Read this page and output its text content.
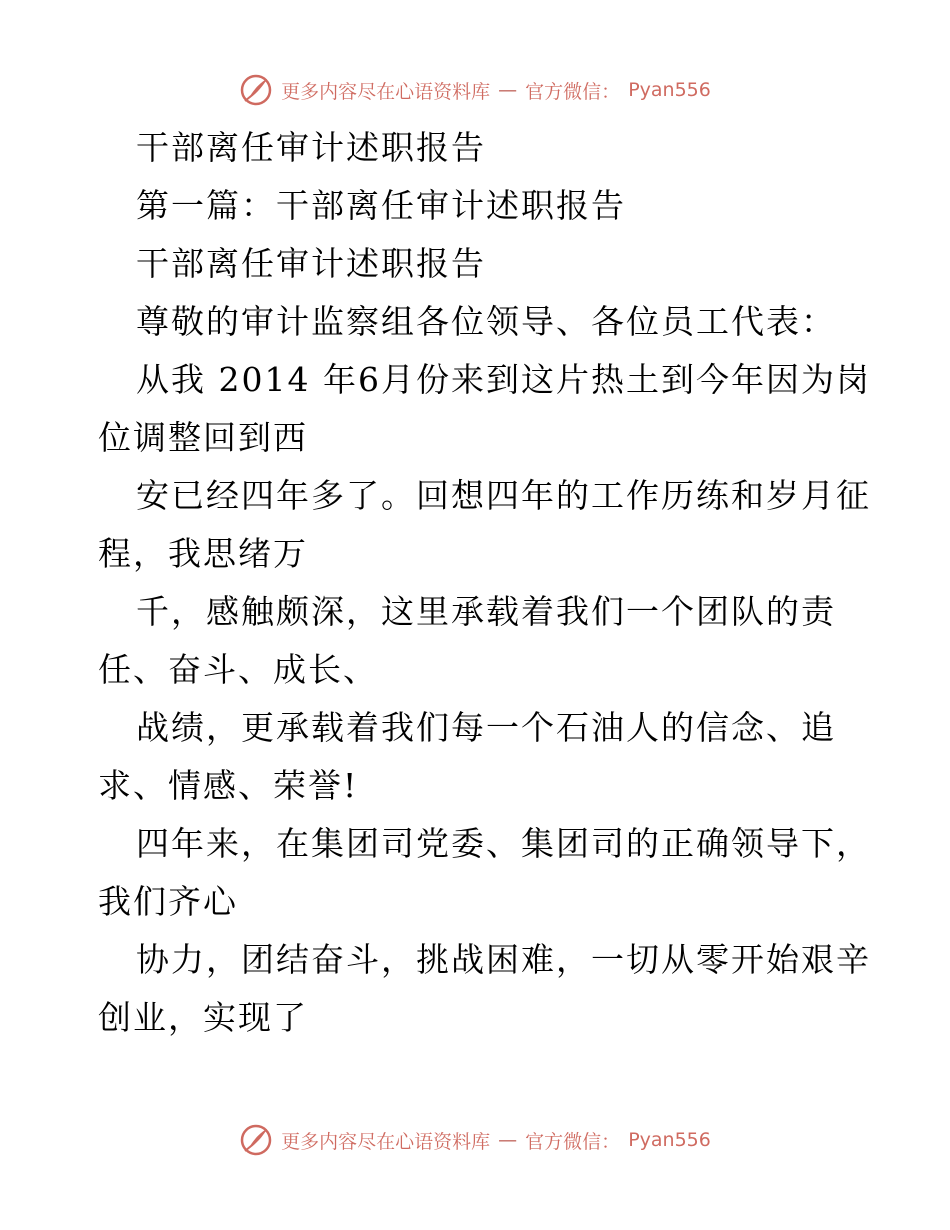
更多内容尽在心语资料库 — 官方微信： Pyan556
干部离任审计述职报告
第一篇：干部离任审计述职报告
干部离任审计述职报告
尊敬的审计监察组各位领导、各位员工代表：
从我 2014 年6月份来到这片热土到今年因为岗
位调整回到西
安已经四年多了。回想四年的工作历练和岁月征
程，我思绪万
千，感触颇深，这里承载着我们一个团队的责
任、奋斗、成长、
战绩，更承载着我们每一个石油人的信念、追
求、情感、荣誉!
四年来，在集团司党委、集团司的正确领导下，
我们齐心
协力，团结奋斗，挑战困难，一切从零开始艰辛
创业，实现了
更多内容尽在心语资料库 — 官方微信： Pyan556
